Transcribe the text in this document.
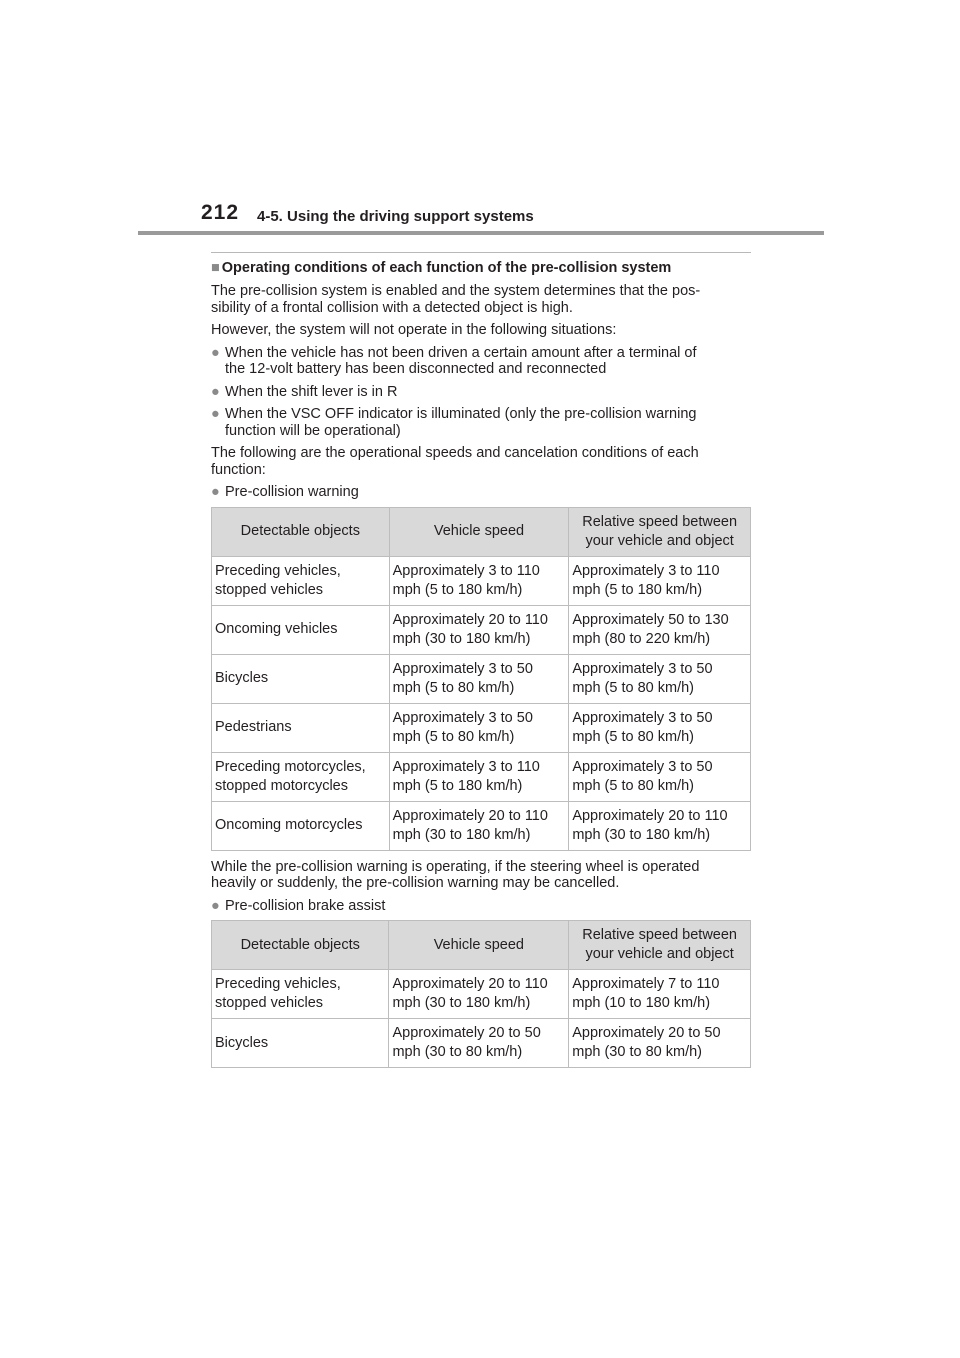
212 4-5. Using the driving support systems
■ Operating conditions of each function of the pre-collision system
The pre-collision system is enabled and the system determines that the pos-
sibility of a frontal collision with a detected object is high.
However, the system will not operate in the following situations:
● When the vehicle has not been driven a certain amount after a terminal of
the 12-volt battery has been disconnected and reconnected
● When the shift lever is in R
● When the VSC OFF indicator is illuminated (only the pre-collision warning
function will be operational)
The following are the operational speeds and cancelation conditions of each
function:
● Pre-collision warning
Detectable objects	Vehicle speed	Relative speed between
your vehicle and object

Preceding vehicles,
stopped vehicles	Approximately 3 to 110
mph (5 to 180 km/h)	Approximately 3 to 110
mph (5 to 180 km/h)

Oncoming vehicles	Approximately 20 to 110
mph (30 to 180 km/h)	Approximately 50 to 130
mph (80 to 220 km/h)

Bicycles	Approximately 3 to 50
mph (5 to 80 km/h)	Approximately 3 to 50
mph (5 to 80 km/h)

Pedestrians	Approximately 3 to 50
mph (5 to 80 km/h)	Approximately 3 to 50
mph (5 to 80 km/h)

Preceding motorcycles,
stopped motorcycles	Approximately 3 to 110
mph (5 to 180 km/h)	Approximately 3 to 50
mph (5 to 80 km/h)

Oncoming motorcycles	Approximately 20 to 110
mph (30 to 180 km/h)	Approximately 20 to 110
mph (30 to 180 km/h)
While the pre-collision warning is operating, if the steering wheel is operated
heavily or suddenly, the pre-collision warning may be cancelled.
● Pre-collision brake assist
Detectable objects	Vehicle speed	Relative speed between
your vehicle and object

Preceding vehicles,
stopped vehicles	Approximately 20 to 110
mph (30 to 180 km/h)	Approximately 7 to 110
mph (10 to 180 km/h)

Bicycles	Approximately 20 to 50
mph (30 to 80 km/h)	Approximately 20 to 50
mph (30 to 80 km/h)
